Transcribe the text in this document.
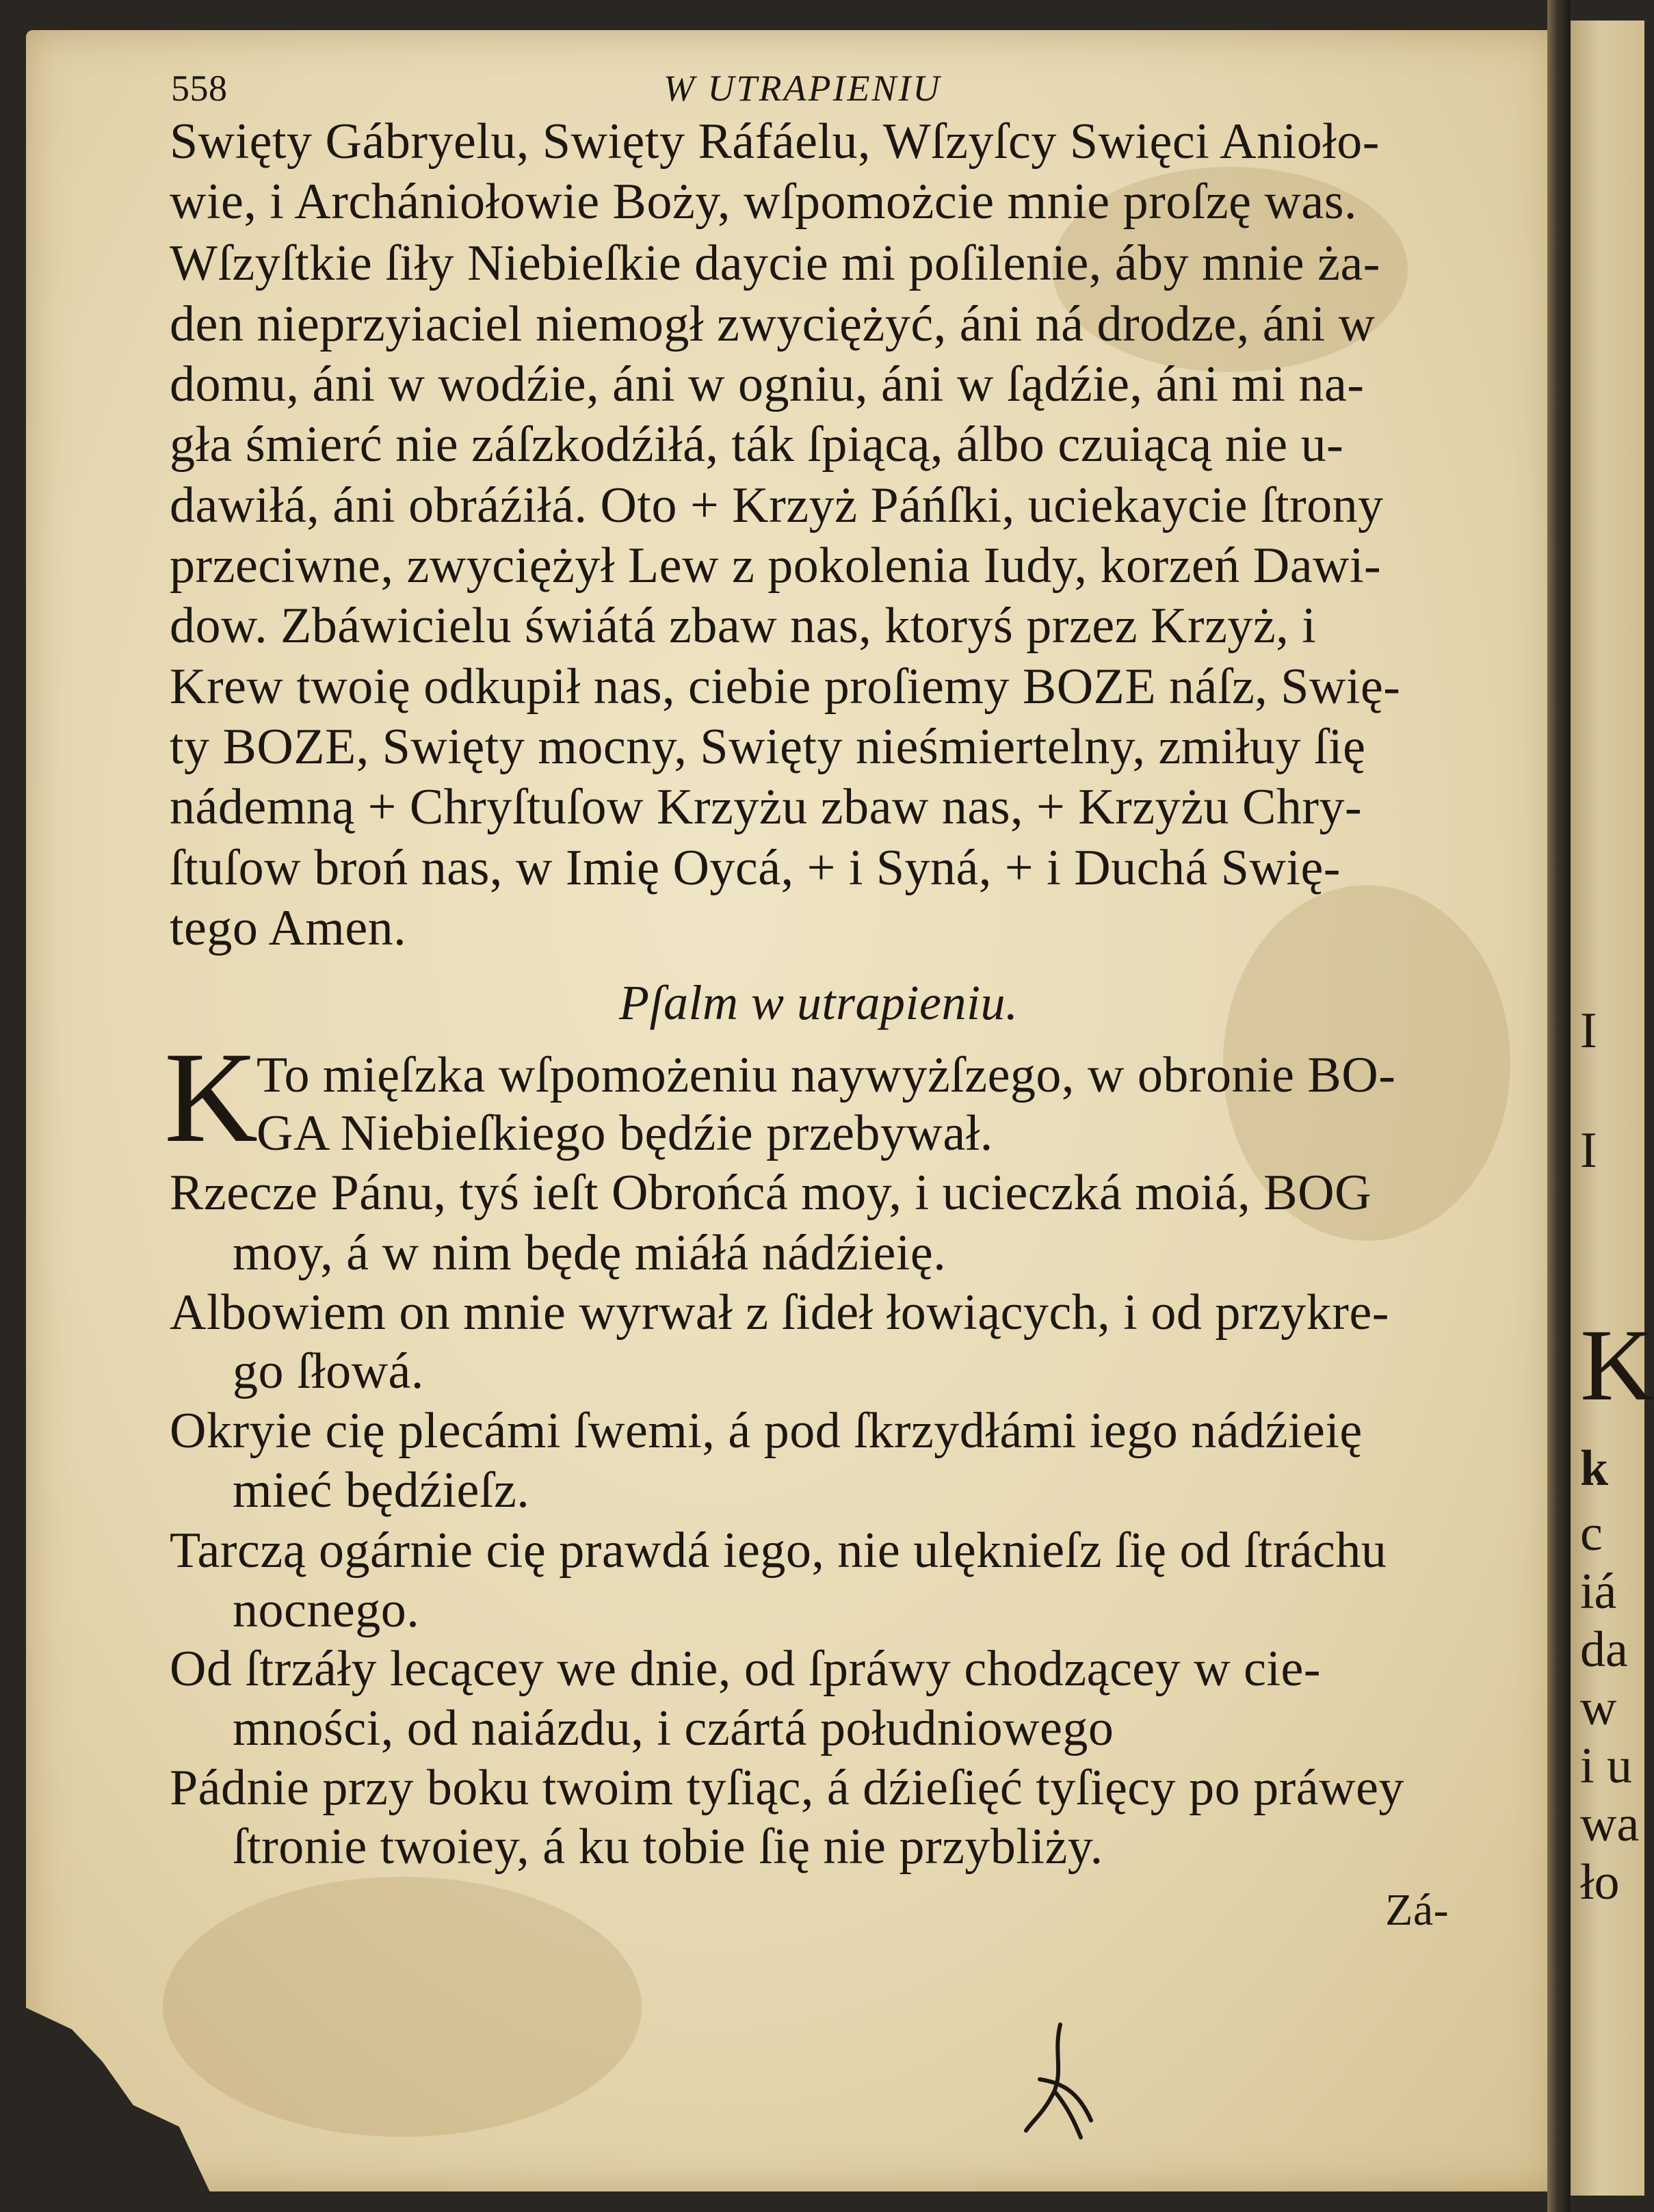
I
I
K
k
c
iá
da
w
i u
wa
ło
558	W UTRAPIENIU
Swięty Gábryelu, Swięty Ráfáelu, Wſzyſcy Swięci Anioło-
wie, i Archániołowie Boży, wſpomożcie mnie proſzę was.
Wſzyſtkie ſiły Niebieſkie daycie mi poſilenie, áby mnie ża-
den nieprzyiaciel niemogł zwyciężyć, áni ná drodze, áni w
domu, áni w wodźie, áni w ogniu, áni w ſądźie, áni mi na-
gła śmierć nie záſzkodźiłá, ták ſpiącą, álbo czuiącą nie u-
dawiłá, áni obráźiłá. Oto + Krzyż Páńſki, uciekaycie ſtrony
przeciwne, zwyciężył Lew z pokolenia Iudy, korzeń Dawi-
dow. Zbáwicielu świátá zbaw nas, ktoryś przez Krzyż, i
Krew twoię odkupił nas, ciebie proſiemy BOZE náſz, Swię-
ty BOZE, Swięty mocny, Swięty nieśmiertelny, zmiłuy ſię
nádemną + Chryſtuſow Krzyżu zbaw nas, + Krzyżu Chry-
ſtuſow broń nas, w Imię Oycá, + i Syná, + i Duchá Swię-
tego Amen.
Pſalm w utrapieniu.
K
To mięſzka wſpomożeniu naywyżſzego, w obronie BO-
GA Niebieſkiego będźie przebywał.
Rzecze Pánu, tyś ieſt Obrońcá moy, i ucieczká moiá, BOG
moy, á w nim będę miáłá nádźieię.
Albowiem on mnie wyrwał z ſideł łowiących, i od przykre-
go ſłowá.
Okryie cię plecámi ſwemi, á pod ſkrzydłámi iego nádźieię
mieć będźieſz.
Tarczą ogárnie cię prawdá iego, nie ulęknieſz ſię od ſtráchu
nocnego.
Od ſtrzáły lecącey we dnie, od ſpráwy chodzącey w cie-
mności, od naiázdu, i czártá południowego
Pádnie przy boku twoim tyſiąc, á dźieſięć tyſięcy po práwey
ſtronie twoiey, á ku tobie ſię nie przybliży.
Zá-
